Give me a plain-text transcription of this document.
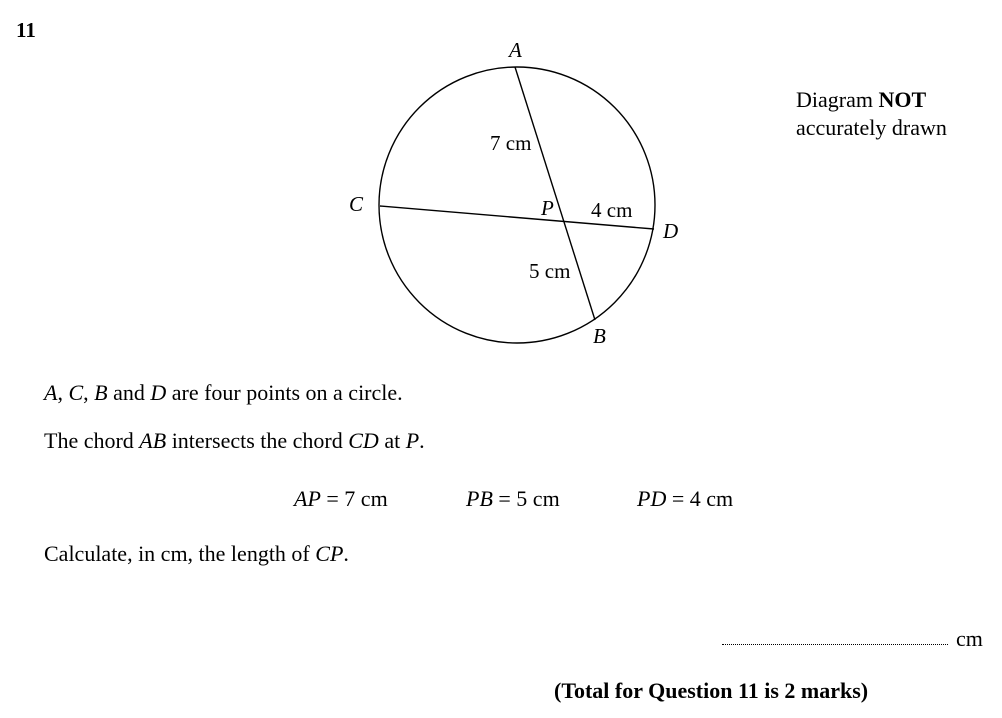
11
A
C	P
D
B
7 cm
4 cm
5 cm
Diagram NOT
accurately drawn
A, C, B and D are four points on a circle.
The chord AB intersects the chord CD at P.
AP = 7 cm	PB = 5 cm	PD = 4 cm
Calculate, in cm, the length of CP.
cm
(Total for Question 11 is 2 marks)
